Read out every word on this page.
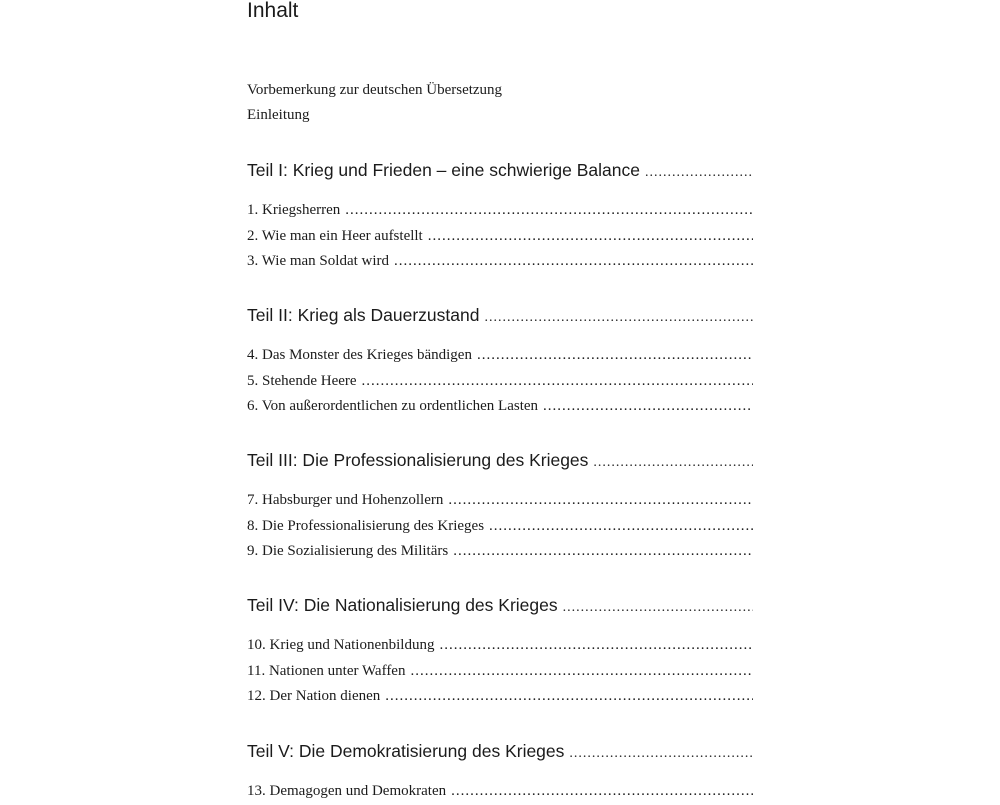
Inhalt
Vorbemerkung zur deutschen Übersetzung
Einleitung
Teil I: Krieg und Frieden – eine schwierige Balance
.....
1. Kriegsherren
.....
2. Wie man ein Heer aufstellt
.....
3. Wie man Soldat wird
.....
Teil II: Krieg als Dauerzustand
.....
4. Das Monster des Krieges bändigen
.....
5. Stehende Heere
.....
6. Von außerordentlichen zu ordentlichen Lasten
.....
Teil III: Die Professionalisierung des Krieges
.....
7. Habsburger und Hohenzollern
.....
8. Die Professionalisierung des Krieges
.....
9. Die Sozialisierung des Militärs
.....
Teil IV: Die Nationalisierung des Krieges
.....
10. Krieg und Nationenbildung
.....
11. Nationen unter Waffen
.....
12. Der Nation dienen
.....
Teil V: Die Demokratisierung des Krieges
.....
13. Demagogen und Demokraten
.....
